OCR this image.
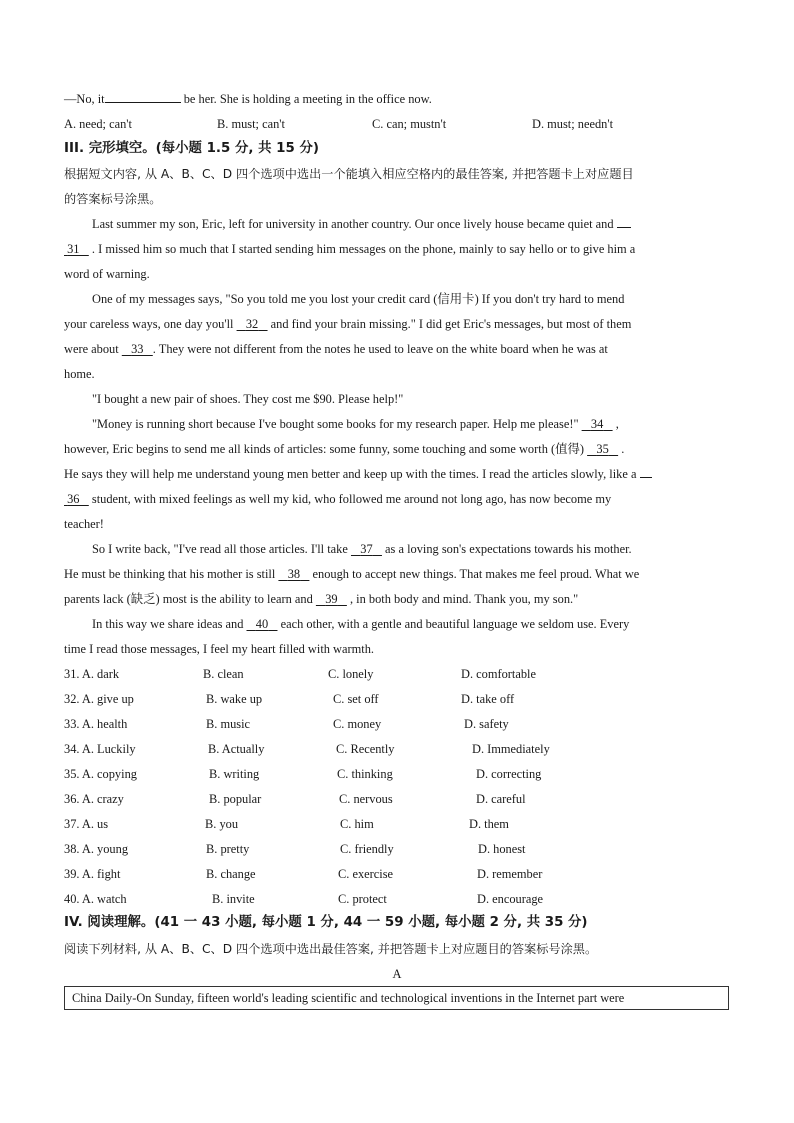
—No, it	be her. She is holding a meeting in the office now.
A. need; can't	B. must; can't	C. can; mustn't	D. must; needn't
III. 完形填空。(每小题 1.5 分, 共 15 分)
根据短文内容, 从 A、B、C、D 四个选项中选出一个能填入相应空格内的最佳答案, 并把答题卡上对应题目
的答案标号涂黑。
Last summer my son, Eric, left for university in another country. Our once lively house became quiet and
31 . I missed him so much that I started sending him messages on the phone, mainly to say hello or to give him a
word of warning.
One of my messages says, "So you told me you lost your credit card (信用卡) If you don't try hard to mend
your careless ways, one day you'll    32    and find your brain missing." I did get Eric's messages, but most of them
were about    33 . They were not different from the notes he used to leave on the white board when he was at
home.
"I bought a new pair of shoes. They cost me $90. Please help!"
"Money is running short because I've bought some books for my research paper. Help me please!"    34    ,
however, Eric begins to send me all kinds of articles: some funny, some touching and some worth (值得)    35    .
He says they will help me understand young men better and keep up with the times. I read the articles slowly, like a
36    student, with mixed feelings as well my kid, who followed me around not long ago, has now become my
teacher!
So I write back, "I've read all those articles. I'll take    37    as a loving son's expectations towards his mother.
He must be thinking that his mother is still    38    enough to accept new things. That makes me feel proud. What we
parents lack (缺乏) most is the ability to learn and    39    , in both body and mind. Thank you, my son."
In this way we share ideas and    40    each other, with a gentle and beautiful language we seldom use. Every
time I read those messages, I feel my heart filled with warmth.
31. A. dark	B. clean	C. lonely	D. comfortable
32. A. give up	B. wake up	C. set off	D. take off
33. A. health	B. music	C. money	D. safety
34. A. Luckily	B. Actually	C. Recently	D. Immediately
35. A. copying	B. writing	C. thinking	D. correcting
36. A. crazy	B. popular	C. nervous	D. careful
37. A. us	B. you	C. him	D. them
38. A. young	B. pretty	C. friendly	D. honest
39. A. fight	B. change	C. exercise	D. remember
40. A. watch	B. invite	C. protect	D. encourage
IV. 阅读理解。(41 一 43 小题, 每小题 1 分, 44 一 59 小题, 每小题 2 分, 共 35 分)
阅读下列材料, 从 A、B、C、D 四个选项中选出最佳答案, 并把答题卡上对应题目的答案标号涂黑。
A
China Daily-On Sunday, fifteen world's leading scientific and technological inventions in the Internet part were
